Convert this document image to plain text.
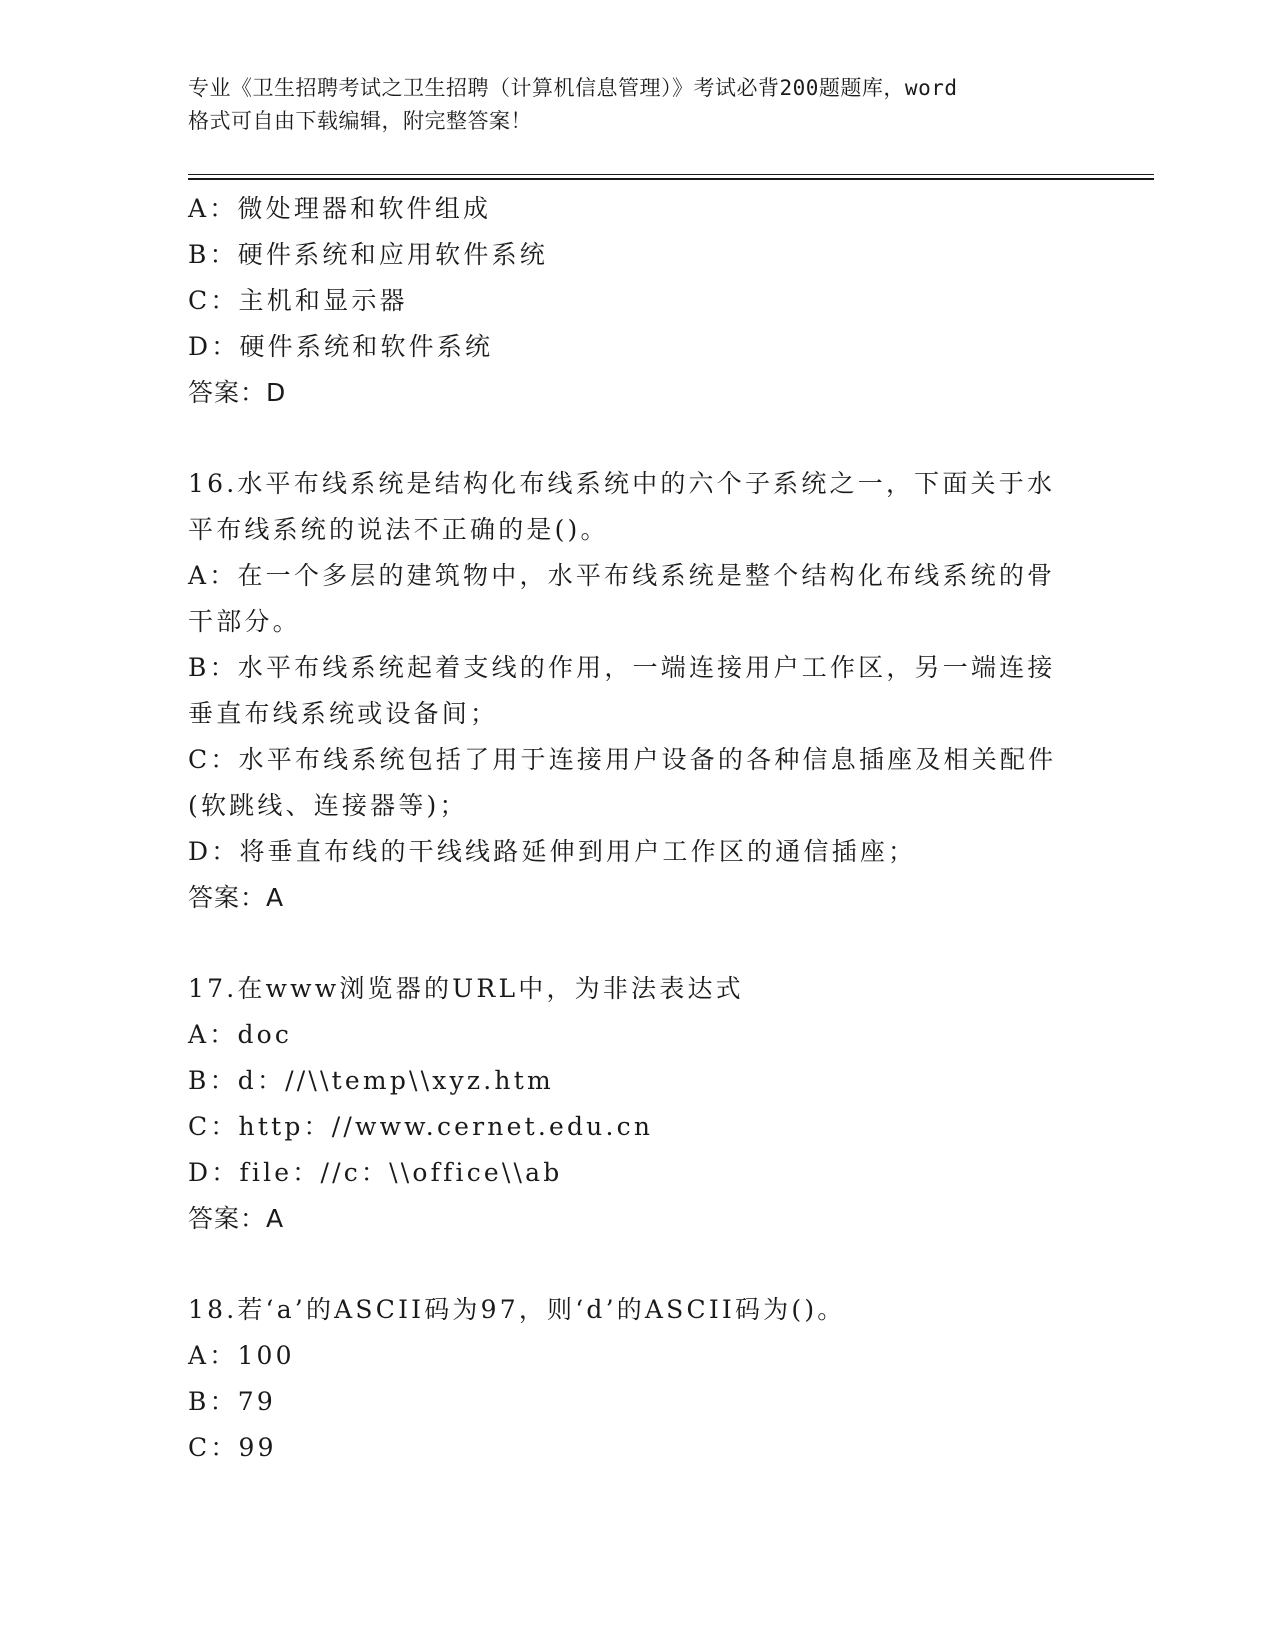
专业《卫生招聘考试之卫生招聘（计算机信息管理）》考试必背200题题库，word
格式可自由下载编辑，附完整答案！
A：微处理器和软件组成
B：硬件系统和应用软件系统
C：主机和显示器
D：硬件系统和软件系统
答案：D
16.水平布线系统是结构化布线系统中的六个子系统之一，下面关于水
平布线系统的说法不正确的是()。
A：在一个多层的建筑物中，水平布线系统是整个结构化布线系统的骨
干部分。
B：水平布线系统起着支线的作用，一端连接用户工作区，另一端连接
垂直布线系统或设备间；
C：水平布线系统包括了用于连接用户设备的各种信息插座及相关配件
(软跳线、连接器等)；
D：将垂直布线的干线线路延伸到用户工作区的通信插座；
答案：A
17.在www浏览器的URL中，为非法表达式
A：doc
B：d：//\\temp\\xyz.htm
C：http：//www.cernet.edu.cn
D：file：//c：\\office\\ab
答案：A
18.若‘a’的ASCII码为97，则‘d’的ASCII码为()。
A：100
B：79
C：99
